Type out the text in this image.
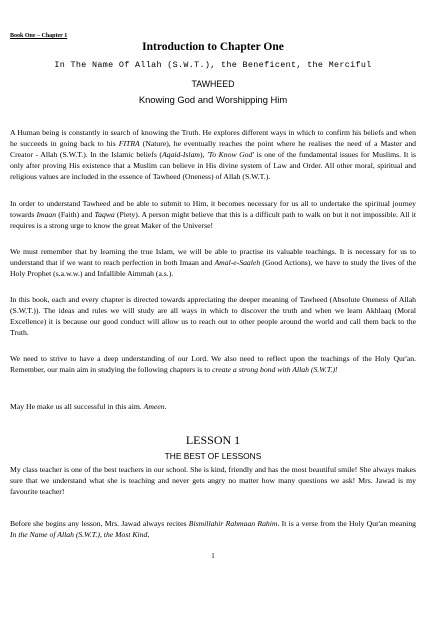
Book One – Chapter 1
Introduction to Chapter One
In The Name Of Allah (S.W.T.), the Beneficent, the Merciful
TAWHEED
Knowing God and Worshipping Him

A Human being is constantly in search of knowing the Truth. He explores different ways in which to confirm his beliefs and when he succeeds in going back to his FITRA (Nature), he eventually reaches the point where he realises the need of a Master and Creator - Allah (S.W.T.). In the Islamic beliefs (Aqaid-Islam), 'To Know God' is one of the fundamental issues for Muslims. It is only after proving His existence that a Muslim can believe in His divine system of Law and Order. All other moral, spiritual and religious values are included in the essence of Tawheed (Oneness) of Allah (S.W.T.).

In order to understand Tawheed and be able to submit to Him, it becomes necessary for us all to undertake the spiritual journey towards Imaan (Faith) and Taqwa (Piety). A person might believe that this is a difficult path to walk on but it not impossible. All it requires is a strong urge to know the great Maker of the Universe!

We must remember that by learning the true Islam, we will be able to practise its valuable teachings. It is necessary for us to understand that if we want to reach perfection in both Imaan and Amal-e-Saaleh (Good Actions), we have to study the lives of the Holy Prophet (s.a.w.w.) and Infallible Aimmah (a.s.).

In this book, each and every chapter is directed towards appreciating the deeper meaning of Tawheed (Absolute Oneness of Allah (S.W.T.)). The ideas and rules we will study are all ways in which to discover the truth and when we learn Akhlaaq (Moral Excellence) it is because our good conduct will allow us to reach out to other people around the world and call them back to the Truth.

We need to strive to have a deep understanding of our Lord. We also need to reflect upon the teachings of the Holy Qur'an. Remember, our main aim in studying the following chapters is to create a strong bond with Allah (S.W.T.)!

May He make us all successful in this aim. Ameen.

LESSON 1
THE BEST OF LESSONS

My class teacher is one of the best teachers in our school. She is kind, friendly and has the most beautiful smile! She always makes sure that we understand what she is teaching and never gets angry no matter how many questions we ask! Mrs. Jawad is my favourite teacher!

Before she begins any lesson, Mrs. Jawad always recites Bismillahir Rahmaan Rahim. It is a verse from the Holy Qur'an meaning In the Name of Allah (S.W.T.), the Most Kind,

1
